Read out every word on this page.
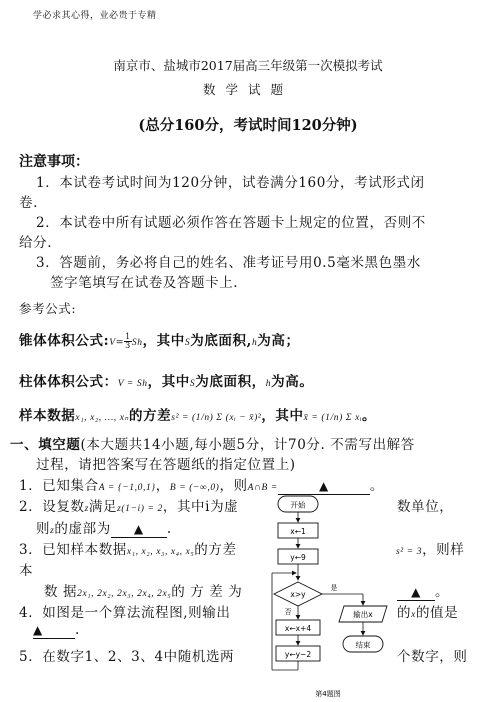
学必求其心得，业必贵于专精
南京市、盐城市2017届高三年级第一次模拟考试
数学试题
(总分160分，考试时间120分钟)
注意事项：
1．本试卷考试时间为120分钟，试卷满分160分，考试形式闭
卷.
2．本试卷中所有试题必须作答在答题卡上规定的位置，否则不
给分.
3．答题前，务必将自己的姓名、准考证号用0.5毫米黑色墨水
签字笔填写在试卷及答题卡上.
参考公式:
锥体体积公式:V= $\frac{1}{3}$ Sh，其中S为底面积,h为高；
柱体体积公式：V = Sh，其中S为底面积，h为高。
样本数据x₁, x₂, …, xₙ的方差s² = (1/n) Σ (xᵢ − x̄)²，其中x̄ = (1/n) Σ xᵢ。
一、填空题(本大题共14小题,每小题5分，计70分. 不需写出解答
过程，请把答案写在答题纸的指定位置上)
1．已知集合A = {−1,0,1}，B = (−∞,0)，则A∩B =	▲	。
2．设复数z满足z(1−i) = 2，其中i为虚	数单位，
则z的虚部为 ▲ .
3．已知样本数据x₁, x₂, x₃, x₄, x₅的方差	s² = 3，则样
本
数 据2x₁, 2x₂, 2x₃, 2x₄, 2x₅的 方 差 为	▲ 。
4．如图是一个算法流程图,则输出	的x的值是
▲ .
5．在数字1、2、3、4中随机选两	个数字，则
开始
x←1
y←9
x>y
是
输出x
结束
否
x←x+4
y←y−2
第4题图
